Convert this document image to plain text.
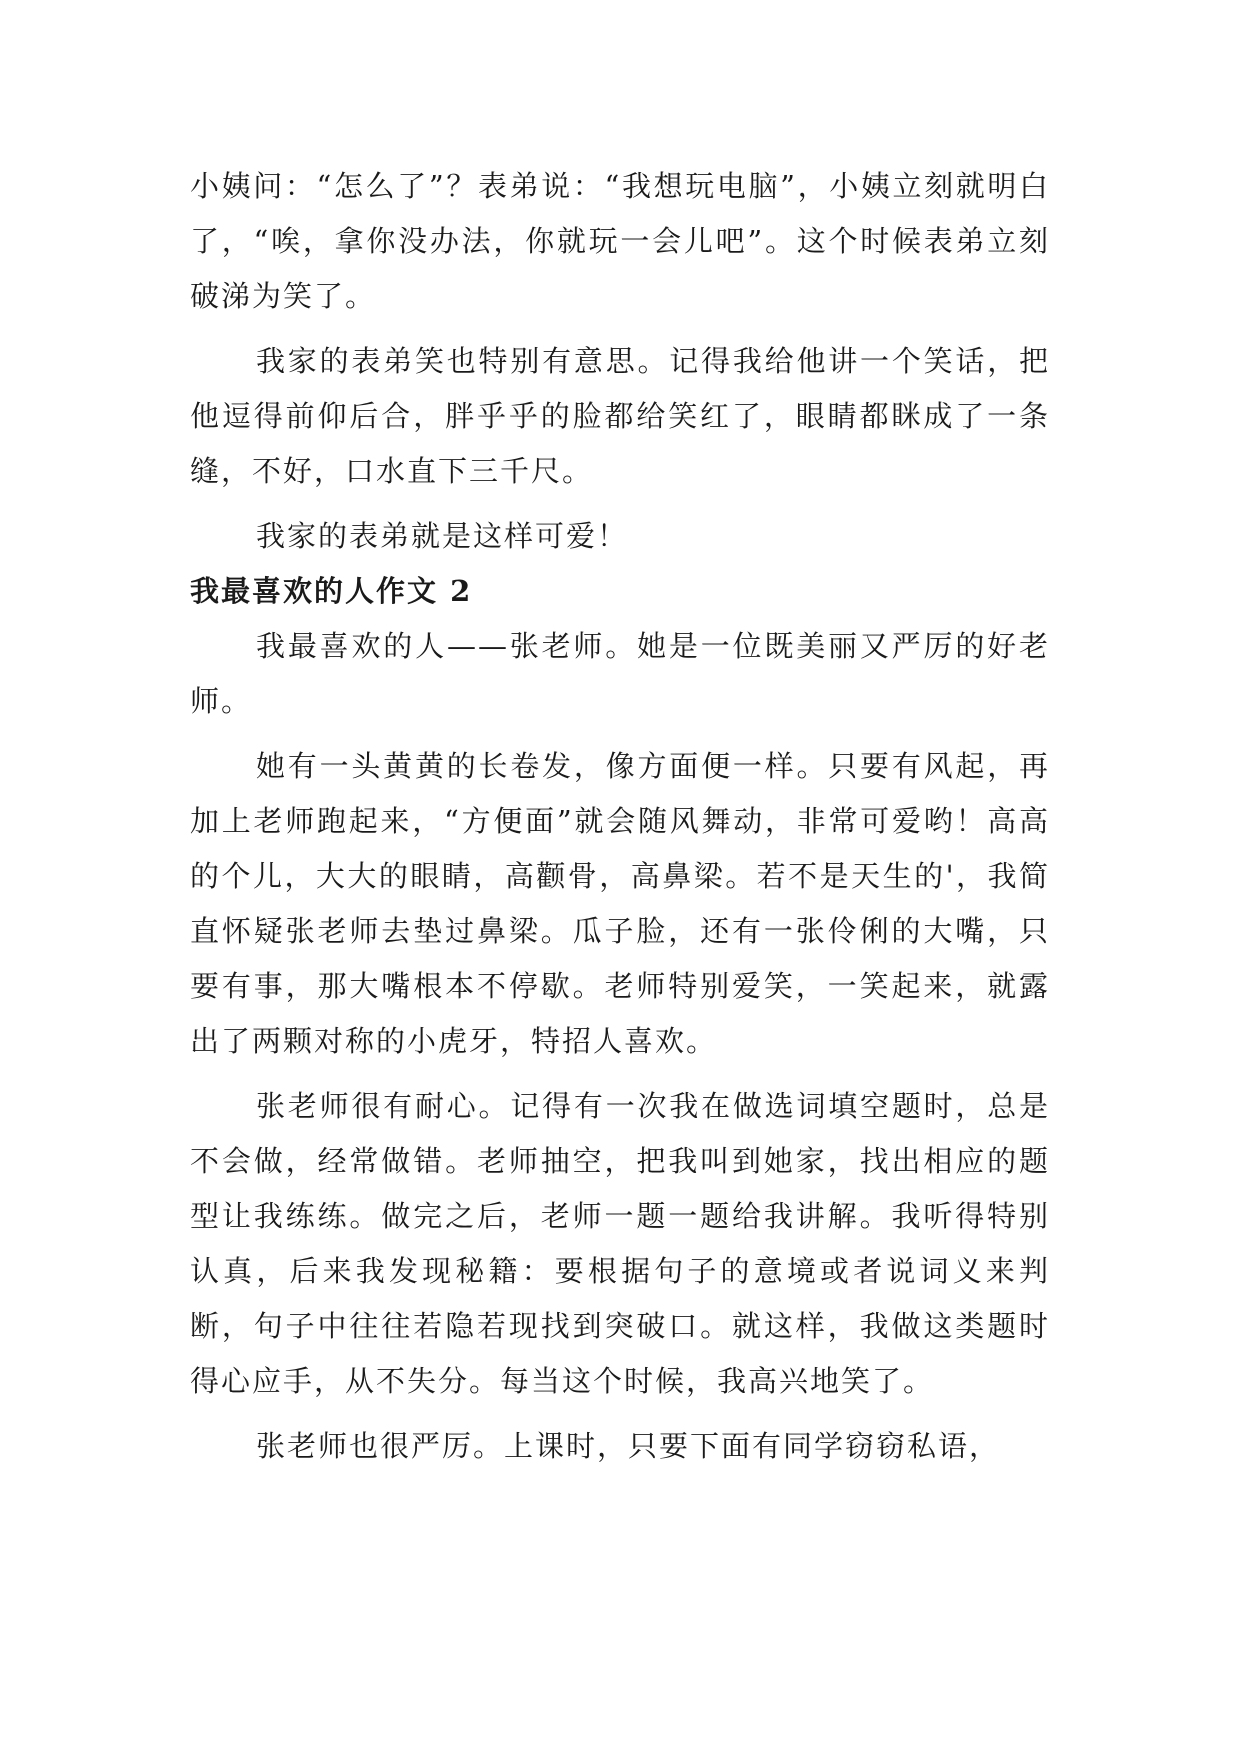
小姨问：“怎么了”？表弟说：“我想玩电脑”，小姨立刻就明白了，“唉，拿你没办法，你就玩一会儿吧”。这个时候表弟立刻破涕为笑了。

我家的表弟笑也特别有意思。记得我给他讲一个笑话，把他逗得前仰后合，胖乎乎的脸都给笑红了，眼睛都眯成了一条缝，不好，口水直下三千尺。

我家的表弟就是这样可爱！

我最喜欢的人作文 2

我最喜欢的人——张老师。她是一位既美丽又严厉的好老师。

她有一头黄黄的长卷发，像方面便一样。只要有风起，再加上老师跑起来，“方便面”就会随风舞动，非常可爱哟！高高的个儿，大大的眼睛，高颧骨，高鼻梁。若不是天生的'，我简直怀疑张老师去垫过鼻梁。瓜子脸，还有一张伶俐的大嘴，只要有事，那大嘴根本不停歇。老师特别爱笑，一笑起来，就露出了两颗对称的小虎牙，特招人喜欢。

张老师很有耐心。记得有一次我在做选词填空题时，总是不会做，经常做错。老师抽空，把我叫到她家，找出相应的题型让我练练。做完之后，老师一题一题给我讲解。我听得特别认真，后来我发现秘籍：要根据句子的意境或者说词义来判断，句子中往往若隐若现找到突破口。就这样，我做这类题时得心应手，从不失分。每当这个时候，我高兴地笑了。

张老师也很严厉。上课时，只要下面有同学窃窃私语，
